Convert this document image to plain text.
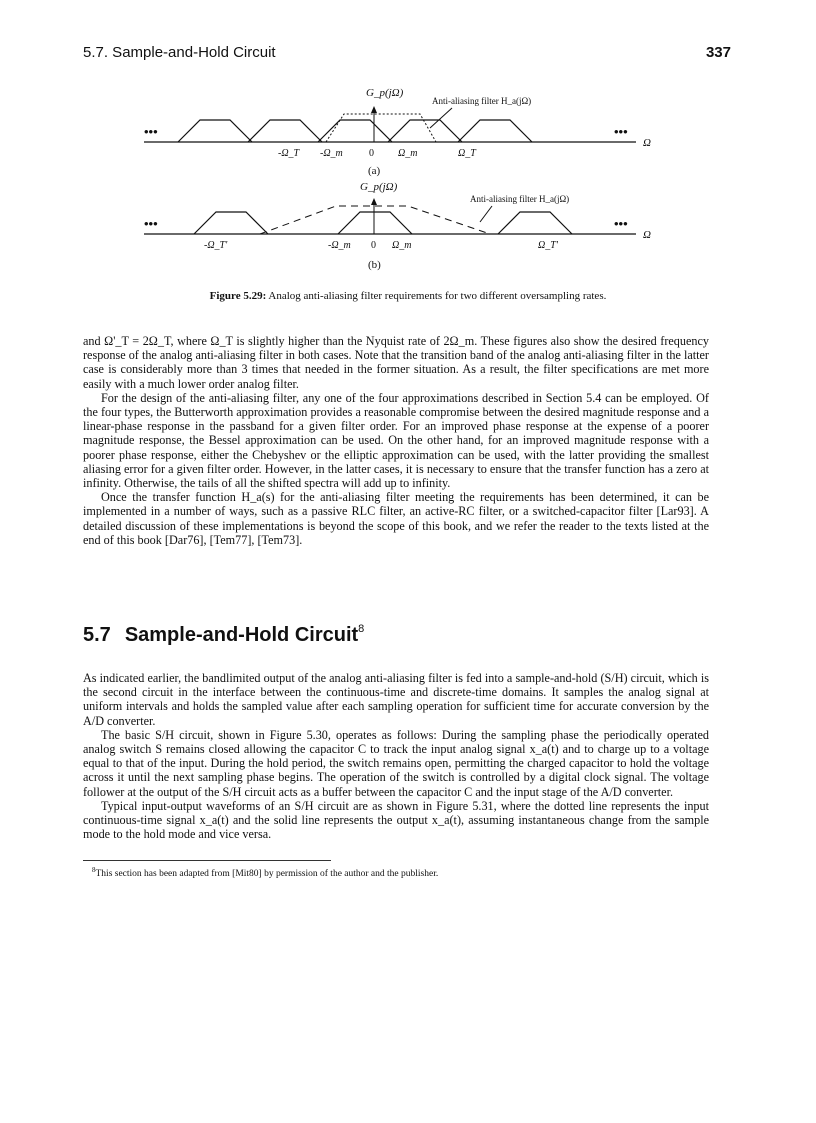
5.7. Sample-and-Hold Circuit	337
G_p(jΩ)
Anti-aliasing filter H_a(jΩ)
•••	•••
Ω
-Ω_T -Ω_m	0 Ω_m	Ω_T
(a)
G_p(jΩ)
Anti-aliasing filter H_a(jΩ)
•••	•••
Ω
-Ω_T'	-Ω_m 0 Ω_m	Ω_T'
(b)
Figure 5.29: Analog anti-aliasing filter requirements for two different oversampling rates.

and Ω'_T = 2Ω_T, where Ω_T is slightly higher than the Nyquist rate of 2Ω_m. These figures also show the desired frequency response of the analog anti-aliasing filter in both cases. Note that the transition band of the analog anti-aliasing filter in the latter case is considerably more than 3 times that needed in the former situation. As a result, the filter specifications are met more easily with a much lower order analog filter.

For the design of the anti-aliasing filter, any one of the four approximations described in Section 5.4 can be employed. Of the four types, the Butterworth approximation provides a reasonable compromise between the desired magnitude response and a linear-phase response in the passband for a given filter order. For an improved phase response at the expense of a poorer magnitude response, the Bessel approximation can be used. On the other hand, for an improved magnitude response with a poorer phase response, either the Chebyshev or the elliptic approximation can be used, with the latter providing the smallest aliasing error for a given filter order. However, in the latter cases, it is necessary to ensure that the transfer function has a zero at infinity. Otherwise, the tails of all the shifted spectra will add up to infinity.

Once the transfer function H_a(s) for the anti-aliasing filter meeting the requirements has been determined, it can be implemented in a number of ways, such as a passive RLC filter, an active-RC filter, or a switched-capacitor filter [Lar93]. A detailed discussion of these implementations is beyond the scope of this book, and we refer the reader to the texts listed at the end of this book [Dar76], [Tem77], [Tem73].

5.7 Sample-and-Hold Circuit$^8$

As indicated earlier, the bandlimited output of the analog anti-aliasing filter is fed into a sample-and-hold (S/H) circuit, which is the second circuit in the interface between the continuous-time and discrete-time domains. It samples the analog signal at uniform intervals and holds the sampled value after each sampling operation for sufficient time for accurate conversion by the A/D converter.

The basic S/H circuit, shown in Figure 5.30, operates as follows: During the sampling phase the periodically operated analog switch S remains closed allowing the capacitor C to track the input analog signal x_a(t) and to charge up to a voltage equal to that of the input. During the hold period, the switch remains open, permitting the charged capacitor to hold the voltage across it until the next sampling phase begins. The operation of the switch is controlled by a digital clock signal. The voltage follower at the output of the S/H circuit acts as a buffer between the capacitor C and the input stage of the A/D converter.

Typical input-output waveforms of an S/H circuit are as shown in Figure 5.31, where the dotted line represents the input continuous-time signal x_a(t) and the solid line represents the output x_a(t), assuming instantaneous change from the sample mode to the hold mode and vice versa.

$^8$This section has been adapted from [Mit80] by permission of the author and the publisher.
